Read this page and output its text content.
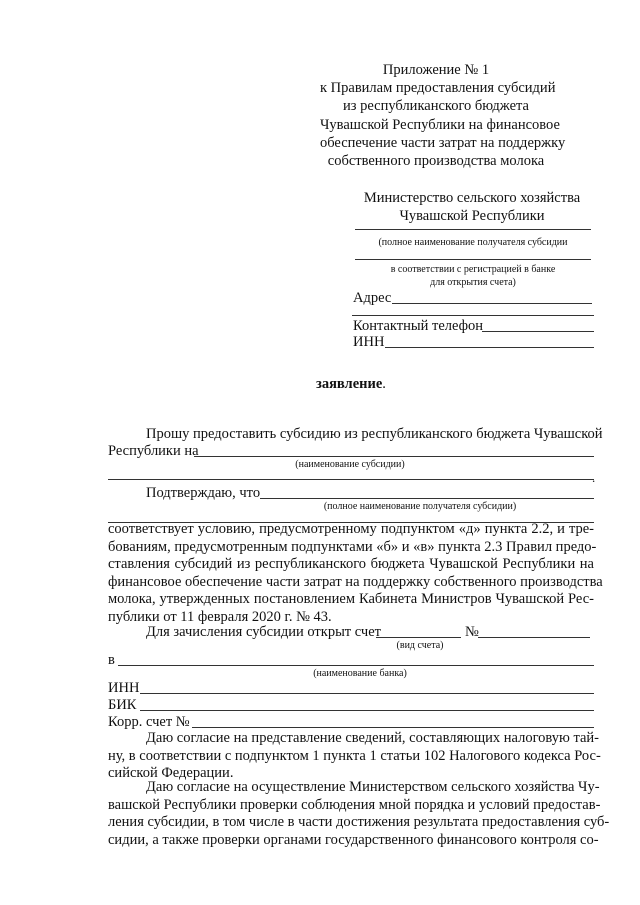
Приложение № 1
к Правилам предоставления субсидий
из республиканского бюджета
Чувашской Республики на финансовое
обеспечение части затрат на поддержку
собственного производства молока
Министерство сельского хозяйства
Чувашской Республики
(полное наименование получателя субсидии
в соответствии с регистрацией в банке
для открытия счета)
Адрес
Контактный телефон
ИНН
заявление.
Прошу предоставить субсидию из республиканского бюджета Чувашской
Республики на
(наименование субсидии)
.
Подтверждаю, что
(полное наименование получателя субсидии)
соответствует условию, предусмотренному подпунктом «д» пункта 2.2, и тре-
бованиям, предусмотренным подпунктами «б» и «в» пункта 2.3 Правил предо-
ставления субсидий из республиканского бюджета Чувашской Республики на
финансовое обеспечение части затрат на поддержку собственного производства
молока, утвержденных постановлением Кабинета Министров Чувашской Рес-
публики от 11 февраля 2020 г. № 43.
Для зачисления субсидии открыт счет	№
(вид счета)
в
(наименование банка)
ИНН
БИК
Корр. счет №
Даю согласие на представление сведений, составляющих налоговую тай-
ну, в соответствии с подпунктом 1 пункта 1 статьи 102 Налогового кодекса Рос-
сийской Федерации.
Даю согласие на осуществление Министерством сельского хозяйства Чу-
вашской Республики проверки соблюдения мной порядка и условий предостав-
ления субсидии, в том числе в части достижения результата предоставления суб-
сидии, а также проверки органами государственного финансового контроля со-
